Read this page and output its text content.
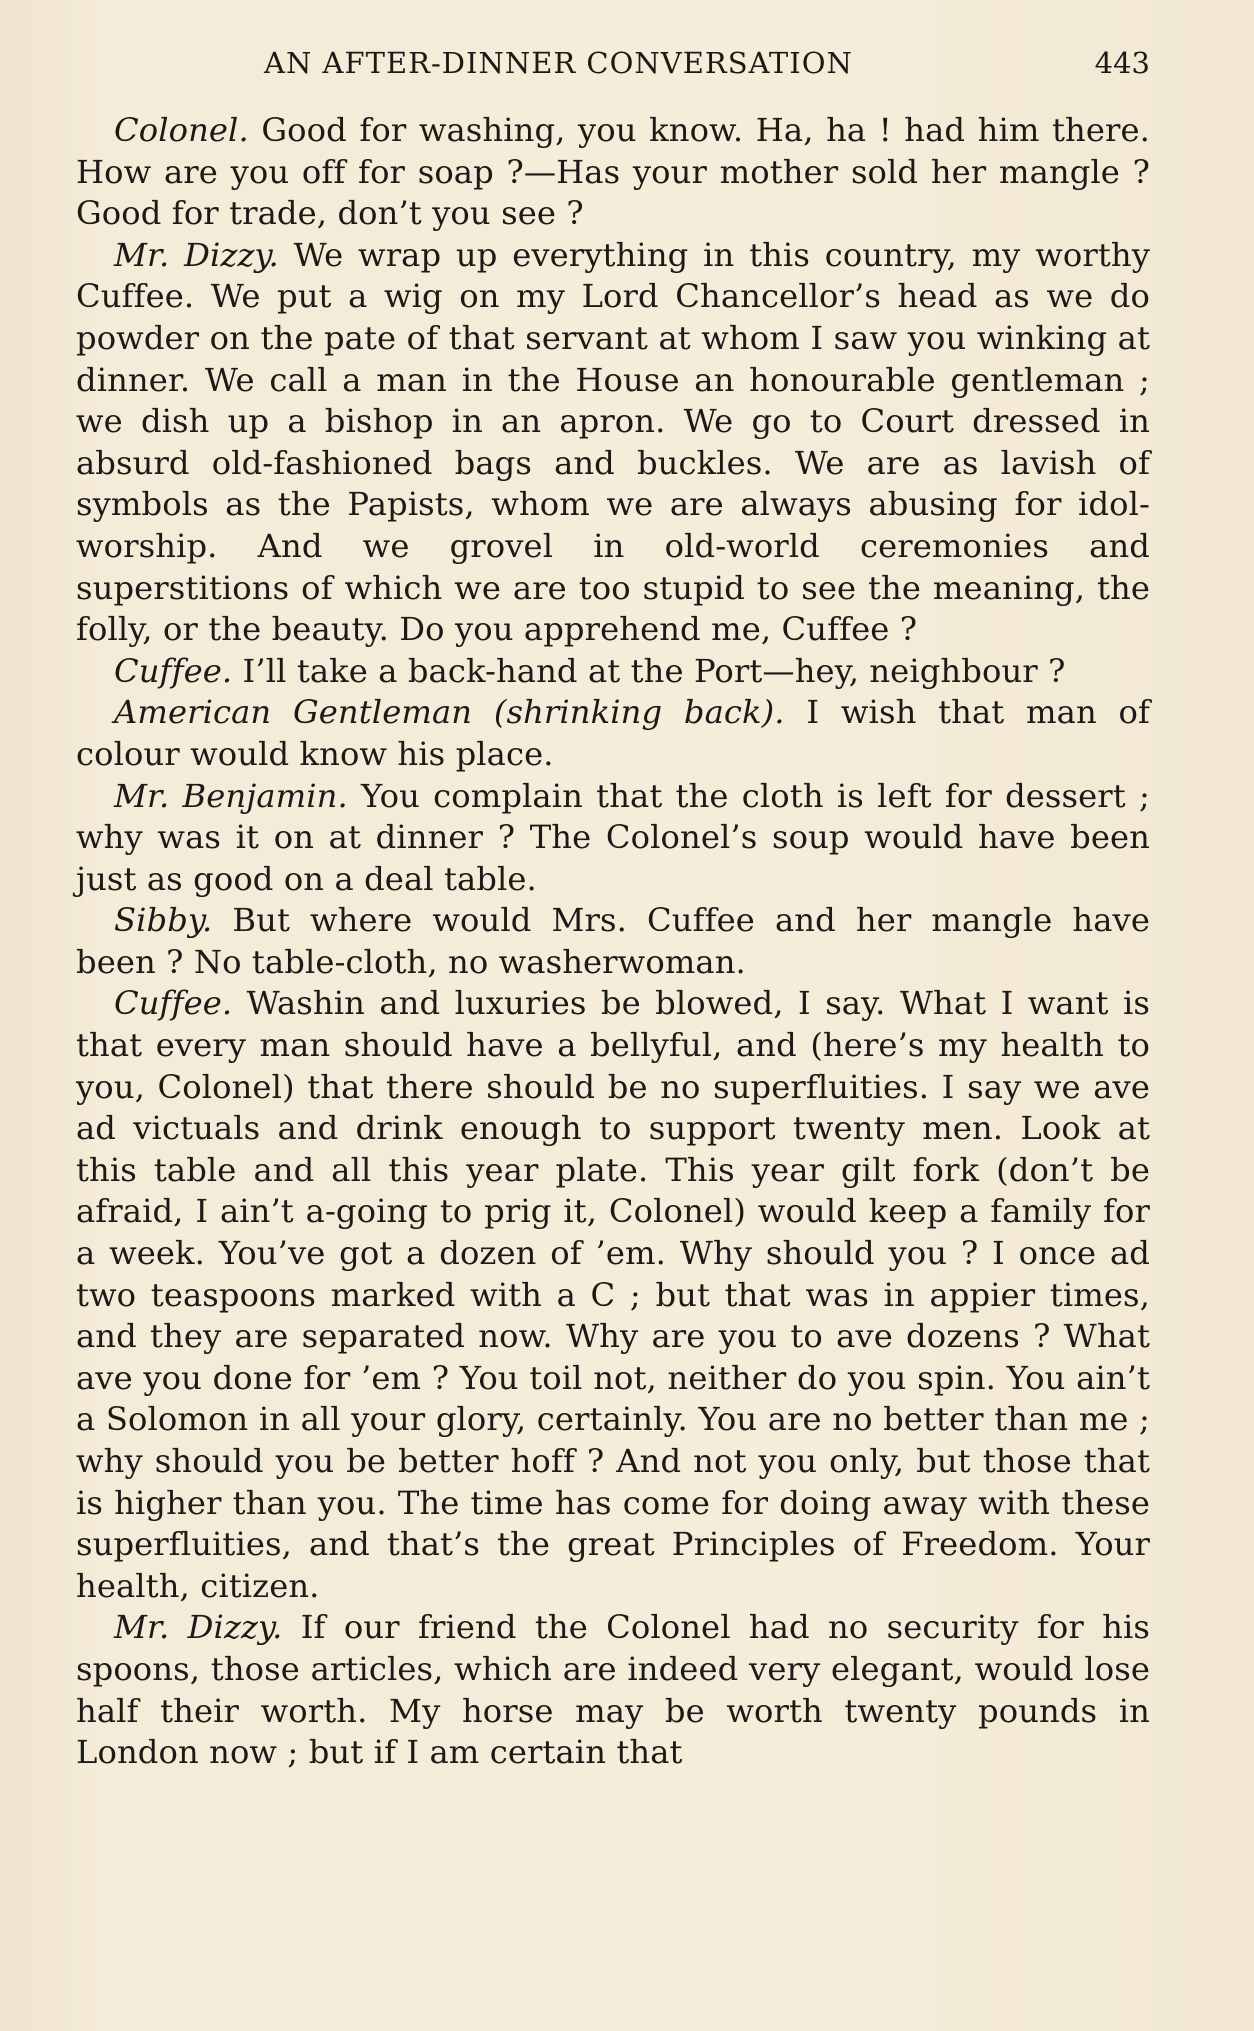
AN AFTER-DINNER CONVERSATION	443

Colonel. Good for washing, you know. Ha, ha ! had him there. How are you off for soap ?—Has your mother sold her mangle ? Good for trade, don’t you see ?

Mr. Dizzy. We wrap up everything in this country, my worthy Cuffee. We put a wig on my Lord Chancellor’s head as we do powder on the pate of that servant at whom I saw you winking at dinner. We call a man in the House an honourable gentleman ; we dish up a bishop in an apron. We go to Court dressed in absurd old-fashioned bags and buckles. We are as lavish of symbols as the Papists, whom we are always abusing for idol-worship. And we grovel in old-world ceremonies and superstitions of which we are too stupid to see the meaning, the folly, or the beauty. Do you apprehend me, Cuffee ?

Cuffee. I’ll take a back-hand at the Port—hey, neighbour ?

American Gentleman (shrinking back). I wish that man of colour would know his place.

Mr. Benjamin. You complain that the cloth is left for dessert ; why was it on at dinner ? The Colonel’s soup would have been just as good on a deal table.

Sibby. But where would Mrs. Cuffee and her mangle have been ? No table-cloth, no washerwoman.

Cuffee. Washin and luxuries be blowed, I say. What I want is that every man should have a bellyful, and (here’s my health to you, Colonel) that there should be no superfluities. I say we ave ad victuals and drink enough to support twenty men. Look at this table and all this year plate. This year gilt fork (don’t be afraid, I ain’t a-going to prig it, Colonel) would keep a family for a week. You’ve got a dozen of ’em. Why should you ? I once ad two teaspoons marked with a C ; but that was in appier times, and they are separated now. Why are you to ave dozens ? What ave you done for ’em ? You toil not, neither do you spin. You ain’t a Solomon in all your glory, certainly. You are no better than me ; why should you be better hoff ? And not you only, but those that is higher than you. The time has come for doing away with these superfluities, and that’s the great Principles of Freedom. Your health, citizen.

Mr. Dizzy. If our friend the Colonel had no security for his spoons, those articles, which are indeed very elegant, would lose half their worth. My horse may be worth twenty pounds in London now ; but if I am certain that
